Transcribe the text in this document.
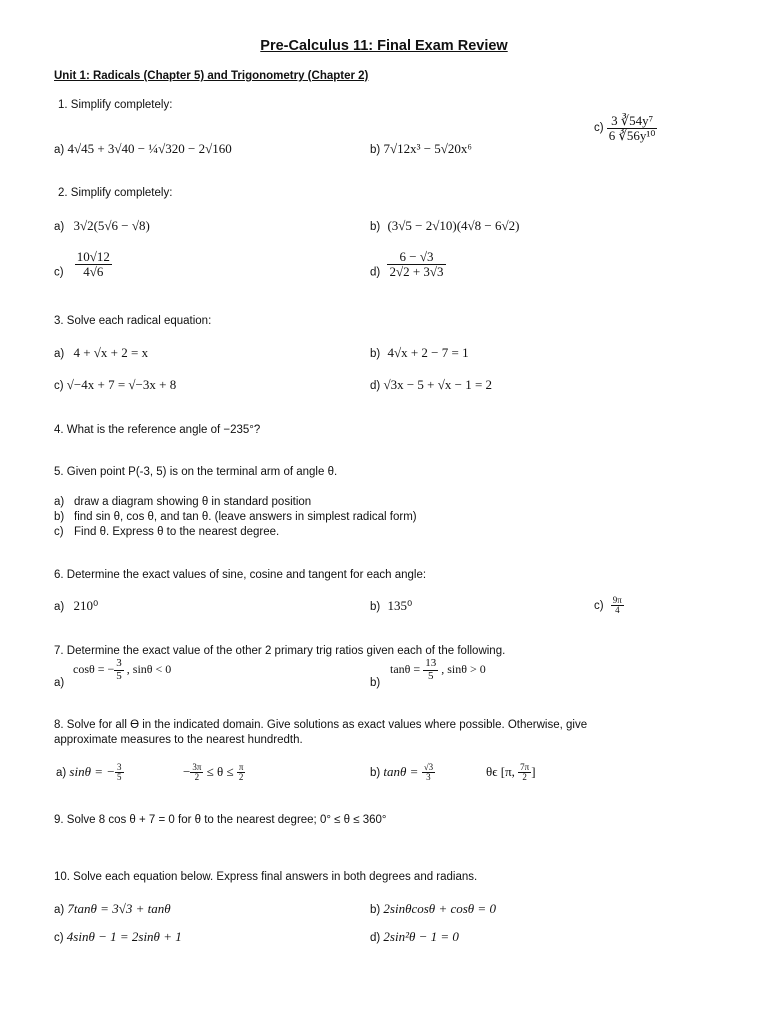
Pre-Calculus 11: Final Exam Review
Unit 1: Radicals (Chapter 5) and Trigonometry (Chapter 2)
1. Simplify completely:
a) 4√45 + 3√40 − ¼√320 − 2√160	b) 7√12x³ − 5√20x⁶
$c) \frac{\text{3 ∛54y⁷}}{\text{6 ∛56y¹⁰}}$
2. Simplify completely:
a) 3√2(5√6 − √8)	b) (3√5 − 2√10)(4√8 − 6√2)
$c) \frac{10√12}{4√6}$	$d) \frac{6 - √3}{2√2 + 3√3}$
3. Solve each radical equation:
a) 4 + √x + 2 = x	b) 4√x + 2 − 7 = 1
c) √−4x + 7 = √−3x + 8	d) √3x − 5 + √x − 1 = 2
4. What is the reference angle of −235°?
5. Given point P(-3, 5) is on the terminal arm of angle θ.
a) draw a diagram showing θ in standard position
b) find sin θ, cos θ, and tan θ. (leave answers in simplest radical form)
c) Find θ. Express θ to the nearest degree.
6. Determine the exact values of sine, cosine and tangent for each angle:
a) 210⁰	b) 135⁰	$c) \frac{9\pi}{4}$
7. Determine the exact value of the other 2 primary trig ratios given each of the following.
a)
cosθ = − $\frac{3}{5}$ , sinθ < 0
b)
$\tan\theta = \frac{13}{5}$ , sinθ > 0
8. Solve for all ϴ in the indicated domain. Give solutions as exact values where possible. Otherwise, give
approximate measures to the nearest hundredth.
a) sinθ = − $\frac{3}{5}$	− $\frac{3\pi}{2} \le \theta \le \frac{\pi}{2}$	b) $\tan\theta = \frac{√3}{3}$	θϵ [π, $\frac{7\pi}{2}$ ]
9. Solve 8 cos θ + 7 = 0 for θ to the nearest degree; 0° ≤ θ ≤ 360°
10. Solve each equation below. Express final answers in both degrees and radians.
a) 7tanθ = 3√3 + tanθ	b) 2sinθcosθ + cosθ = 0
c) 4sinθ − 1 = 2sinθ + 1	d) 2sin²θ − 1 = 0
